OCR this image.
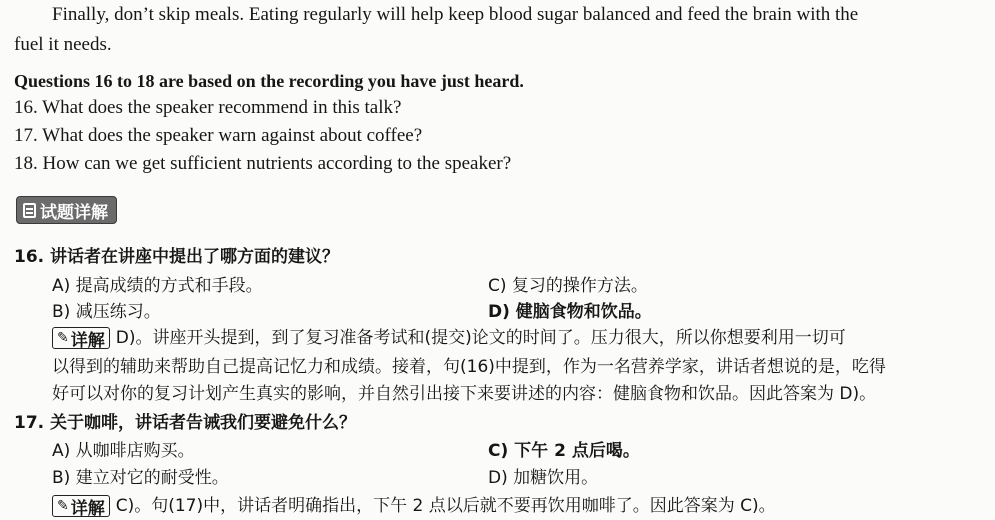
Finally, don’t skip meals. Eating regularly will help keep blood sugar balanced and feed the brain with the
fuel it needs.
Questions 16 to 18 are based on the recording you have just heard.
16. What does the speaker recommend in this talk?
17. What does the speaker warn against about coffee?
18. How can we get sufficient nutrients according to the speaker?
试题详解
16. 讲话者在讲座中提出了哪方面的建议？
A) 提高成绩的方式和手段。	C) 复习的操作方法。
B) 减压练习。	D) 健脑食物和饮品。
✎ 详解 D)。讲座开头提到，到了复习准备考试和(提交)论文的时间了。压力很大，所以你想要利用一切可
以得到的辅助来帮助自己提高记忆力和成绩。接着，句(16)中提到，作为一名营养学家，讲话者想说的是，吃得
好可以对你的复习计划产生真实的影响，并自然引出接下来要讲述的内容：健脑食物和饮品。因此答案为 D)。
17. 关于咖啡，讲话者告诫我们要避免什么？
A) 从咖啡店购买。	C) 下午 2 点后喝。
B) 建立对它的耐受性。	D) 加糖饮用。
✎ 详解 C)。句(17)中，讲话者明确指出，下午 2 点以后就不要再饮用咖啡了。因此答案为 C)。
